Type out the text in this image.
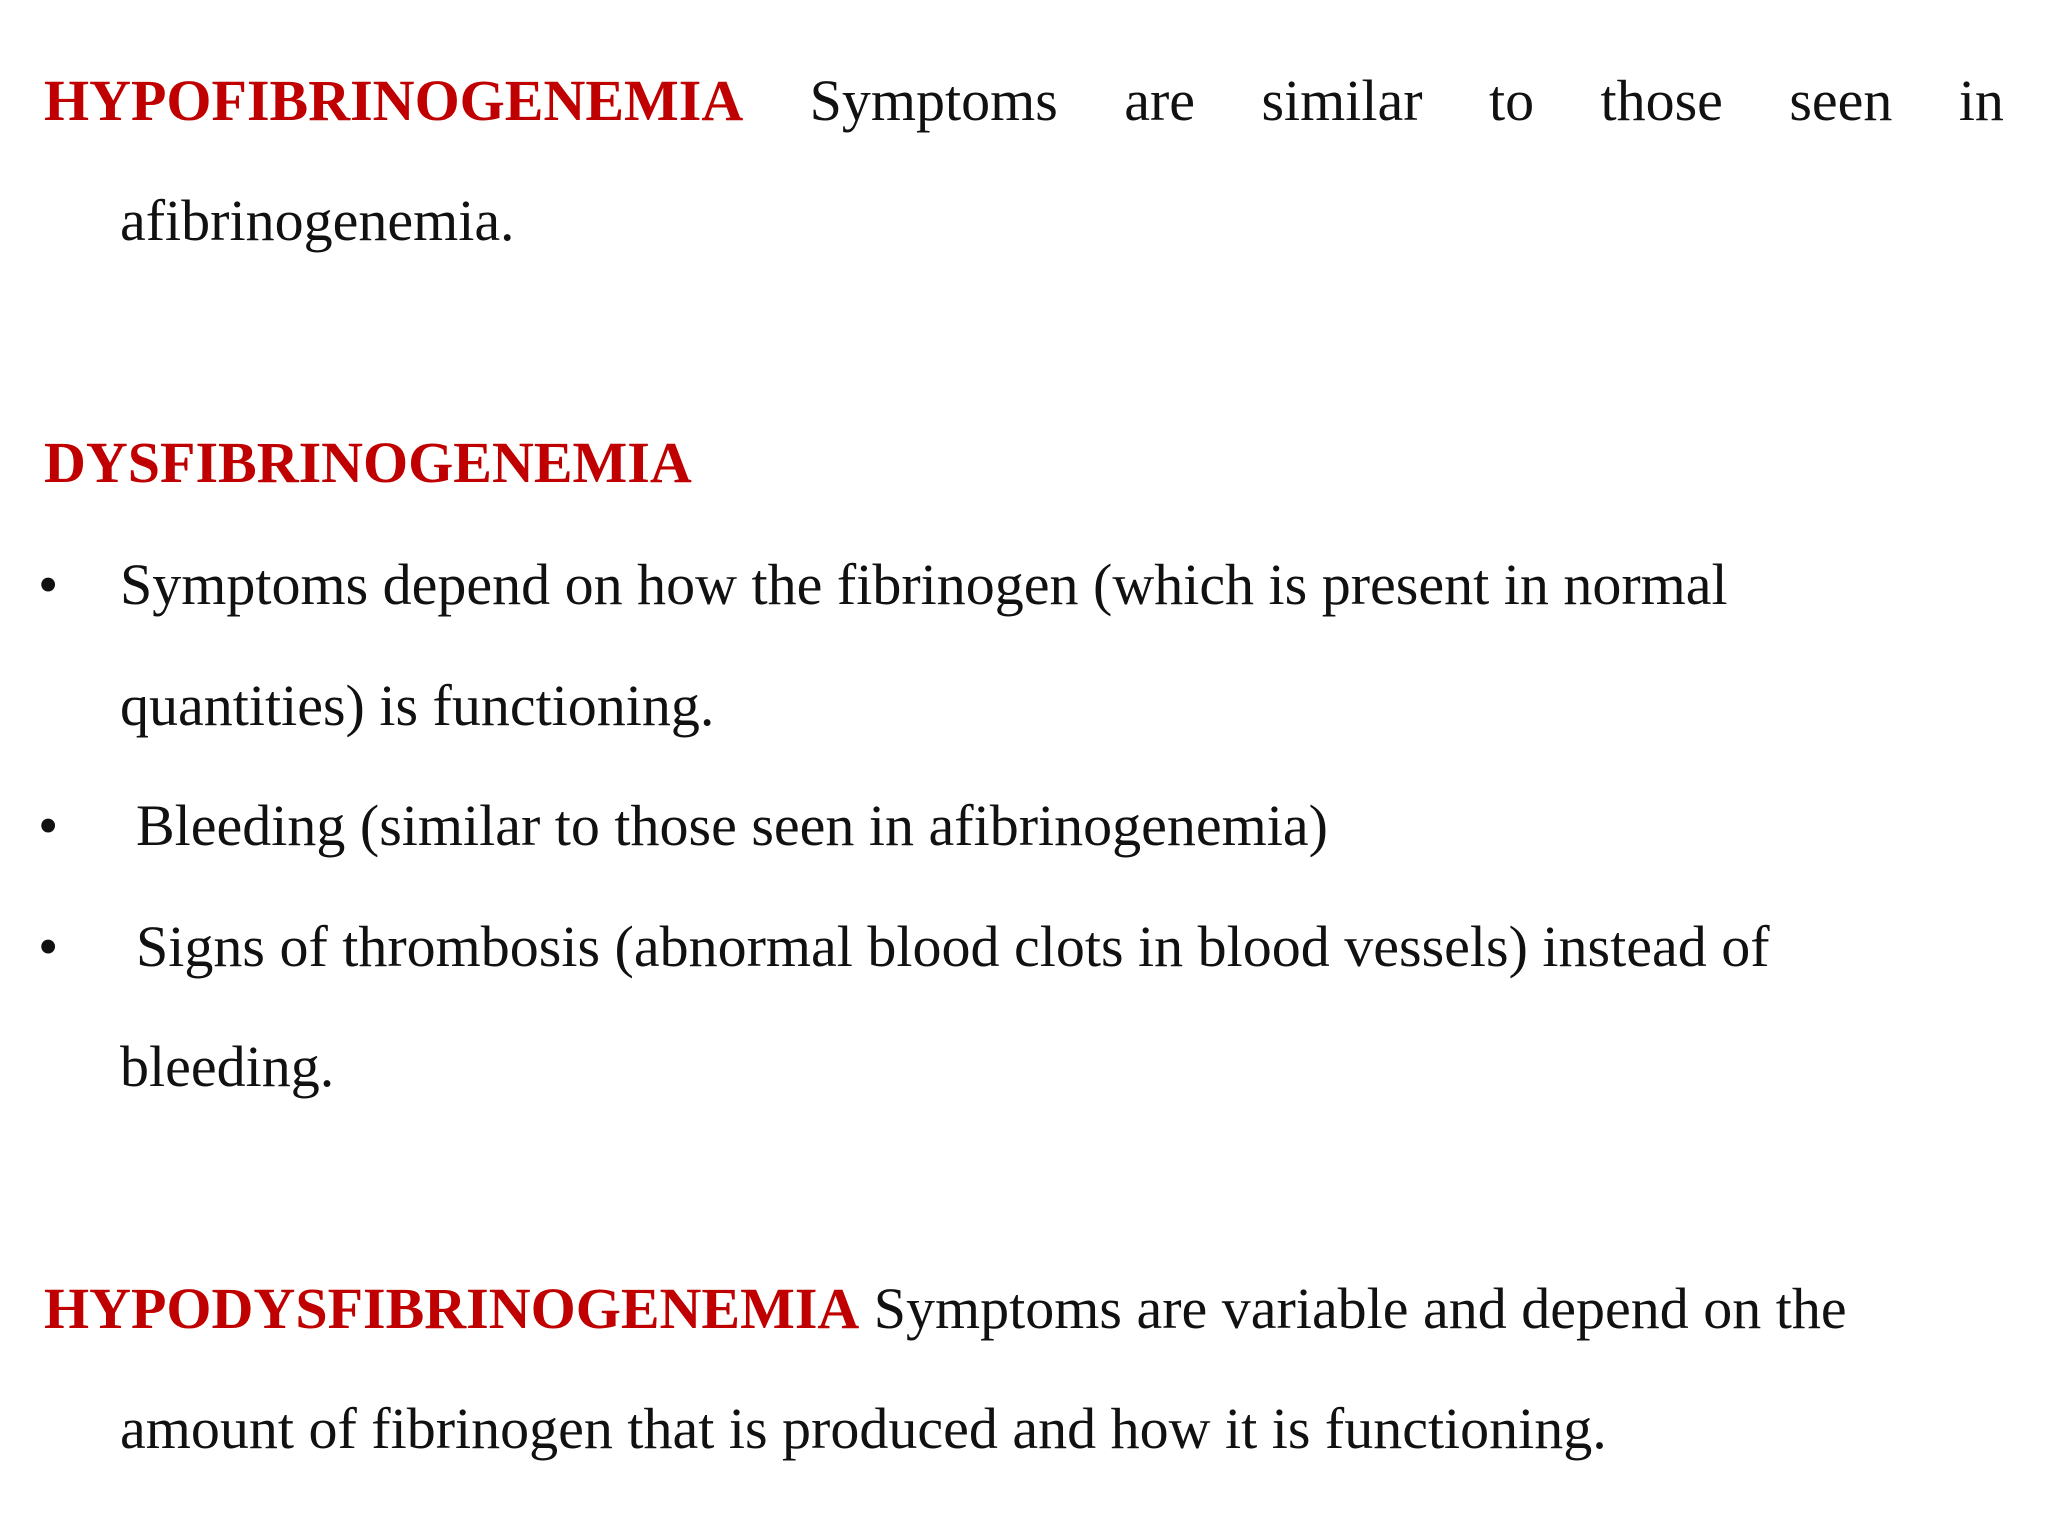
HYPOFIBRINOGENEMIA Symptoms are similar to those seen in
afibrinogenemia.
DYSFIBRINOGENEMIA
•	Symptoms depend on how the fibrinogen (which is present in normal
quantities) is functioning.
•	Bleeding (similar to those seen in afibrinogenemia)
•	Signs of thrombosis (abnormal blood clots in blood vessels) instead of
bleeding.
HYPODYSFIBRINOGENEMIA Symptoms are variable and depend on the
amount of fibrinogen that is produced and how it is functioning.
